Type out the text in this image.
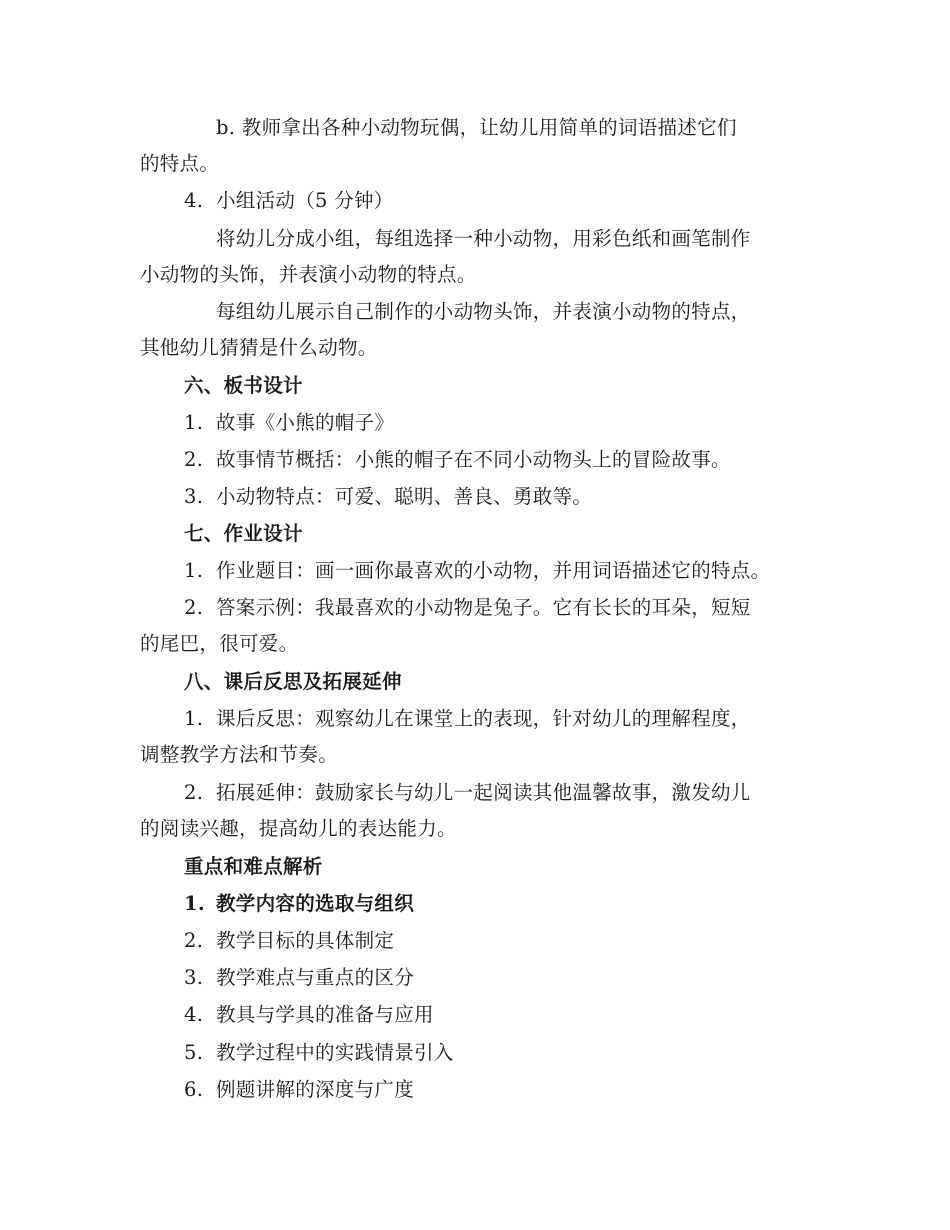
b. 教师拿出各种小动物玩偶，让幼儿用简单的词语描述它们
的特点。
4. 小组活动（5 分钟）
将幼儿分成小组，每组选择一种小动物，用彩色纸和画笔制作
小动物的头饰，并表演小动物的特点。
每组幼儿展示自己制作的小动物头饰，并表演小动物的特点，
其他幼儿猜猜是什么动物。
六、板书设计
1. 故事《小熊的帽子》
2. 故事情节概括：小熊的帽子在不同小动物头上的冒险故事。
3. 小动物特点：可爱、聪明、善良、勇敢等。
七、作业设计
1. 作业题目：画一画你最喜欢的小动物，并用词语描述它的特点。
2. 答案示例：我最喜欢的小动物是兔子。它有长长的耳朵，短短
的尾巴，很可爱。
八、课后反思及拓展延伸
1. 课后反思：观察幼儿在课堂上的表现，针对幼儿的理解程度，
调整教学方法和节奏。
2. 拓展延伸：鼓励家长与幼儿一起阅读其他温馨故事，激发幼儿
的阅读兴趣，提高幼儿的表达能力。
重点和难点解析
1. 教学内容的选取与组织
2. 教学目标的具体制定
3. 教学难点与重点的区分
4. 教具与学具的准备与应用
5. 教学过程中的实践情景引入
6. 例题讲解的深度与广度
